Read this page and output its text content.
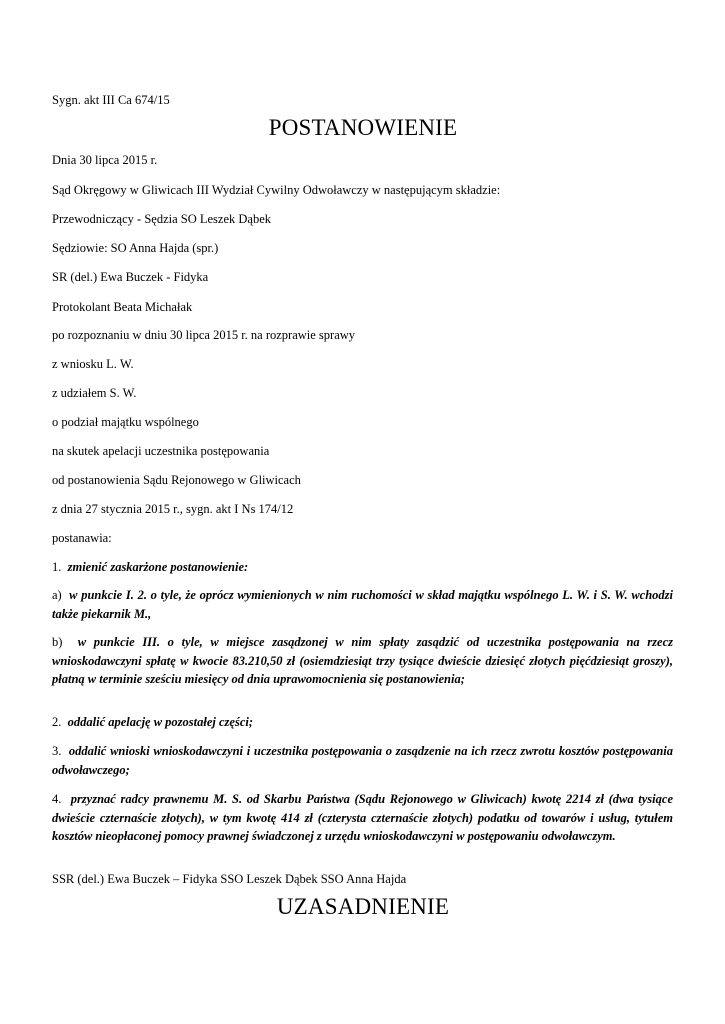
Sygn. akt III Ca 674/15
POSTANOWIENIE
Dnia 30 lipca 2015 r.
Sąd Okręgowy w Gliwicach III Wydział Cywilny Odwoławczy w następującym składzie:
Przewodniczący - Sędzia SO Leszek Dąbek
Sędziowie: SO Anna Hajda (spr.)
SR (del.) Ewa Buczek - Fidyka
Protokolant Beata Michałak
po rozpoznaniu w dniu 30 lipca 2015 r. na rozprawie sprawy
z wniosku L. W.
z udziałem S. W.
o podział majątku wspólnego
na skutek apelacji uczestnika postępowania
od postanowienia Sądu Rejonowego w Gliwicach
z dnia 27 stycznia 2015 r., sygn. akt I Ns 174/12
postanawia:
1. zmienić zaskarżone postanowienie:
a) w punkcie I. 2. o tyle, że oprócz wymienionych w nim ruchomości w skład majątku wspólnego L. W. i S. W. wchodzi także piekarnik M.,
b) w punkcie III. o tyle, w miejsce zasądzonej w nim spłaty zasądzić od uczestnika postępowania na rzecz wnioskodawczyni spłatę w kwocie 83.210,50 zł (osiemdziesiąt trzy tysiące dwieście dziesięć złotych pięćdziesiąt groszy), płatną w terminie sześciu miesięcy od dnia uprawomocnienia się postanowienia;
2. oddalić apelację w pozostałej części;
3. oddalić wnioski wnioskodawczyni i uczestnika postępowania o zasądzenie na ich rzecz zwrotu kosztów postępowania odwoławczego;
4. przyznać radcy prawnemu M. S. od Skarbu Państwa (Sądu Rejonowego w Gliwicach) kwotę 2214 zł (dwa tysiące dwieście czternaście złotych), w tym kwotę 414 zł (czterysta czternaście złotych) podatku od towarów i usług, tytułem kosztów nieopłaconej pomocy prawnej świadczonej z urzędu wnioskodawczyni w postępowaniu odwoławczym.
SSR (del.) Ewa Buczek – Fidyka SSO Leszek Dąbek SSO Anna Hajda
UZASADNIENIE
